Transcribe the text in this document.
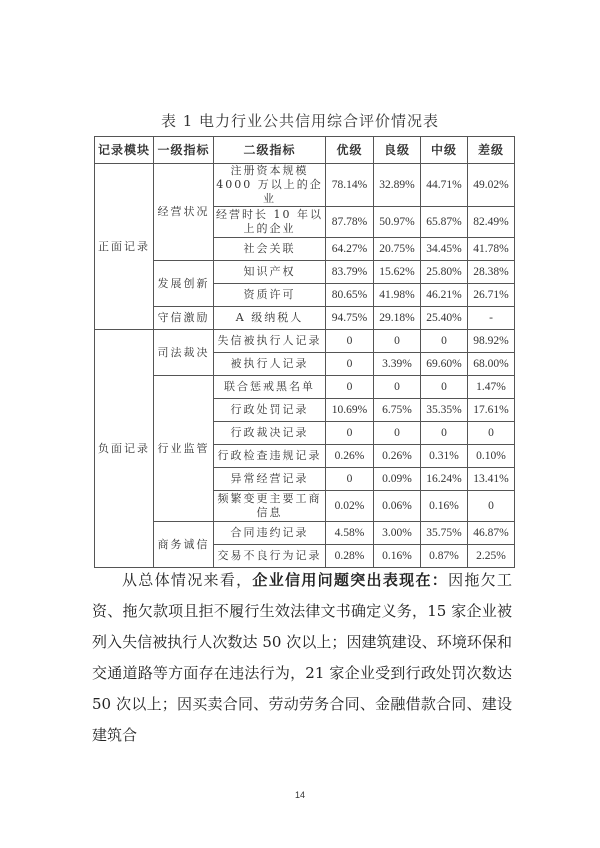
表 1 电力行业公共信用综合评价情况表
记录模块	一级指标	二级指标	优级	良级	中级	差级
正面记录	经营状况	注册资本规模 4000 万以上的企业	78.14%	32.89%	44.71%	49.02%
		经营时长 10 年以上的企业	87.78%	50.97%	65.87%	82.49%
		社会关联	64.27%	20.75%	34.45%	41.78%
	发展创新	知识产权	83.79%	15.62%	25.80%	28.38%
		资质许可	80.65%	41.98%	46.21%	26.71%
	守信激励	A 级纳税人	94.75%	29.18%	25.40%	-
负面记录	司法裁决	失信被执行人记录	0	0	0	98.92%
		被执行人记录	0	3.39%	69.60%	68.00%
	行业监管	联合惩戒黑名单	0	0	0	1.47%
		行政处罚记录	10.69%	6.75%	35.35%	17.61%
		行政裁决记录	0	0	0	0
		行政检查违规记录	0.26%	0.26%	0.31%	0.10%
		异常经营记录	0	0.09%	16.24%	13.41%
		频繁变更主要工商信息	0.02%	0.06%	0.16%	0
	商务诚信	合同违约记录	4.58%	3.00%	35.75%	46.87%
		交易不良行为记录	0.28%	0.16%	0.87%	2.25%

从总体情况来看，企业信用问题突出表现在：因拖欠工资、拖欠款项且拒不履行生效法律文书确定义务，15 家企业被列入失信被执行人次数达 50 次以上；因建筑建设、环境环保和交通道路等方面存在违法行为，21 家企业受到行政处罚次数达 50 次以上；因买卖合同、劳动劳务合同、金融借款合同、建设建筑合

14
